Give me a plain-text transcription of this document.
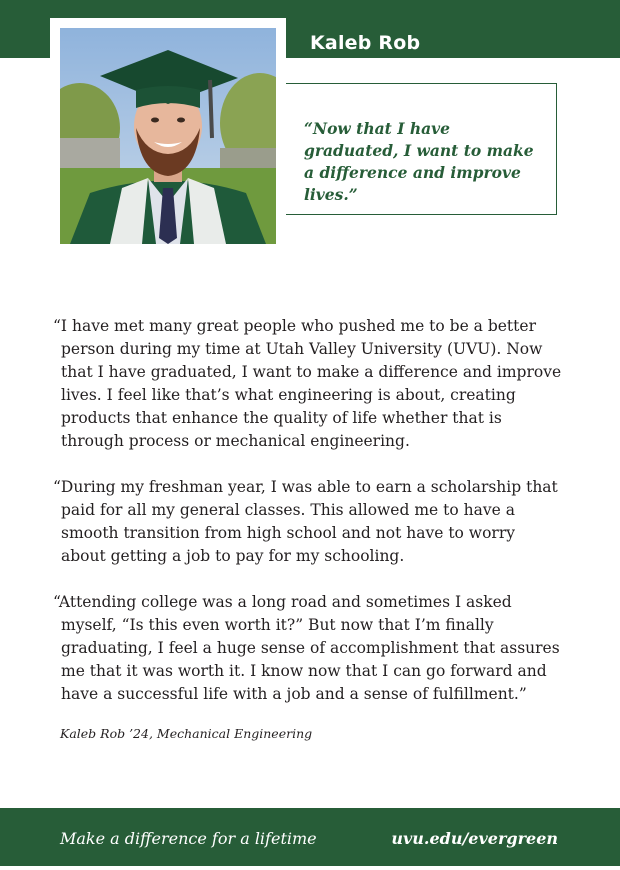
Kaleb Rob

“Now that I have graduated, I want to make a difference and improve lives.”

“I have met many great people who pushed me to be a better person during my time at Utah Valley University (UVU). Now that I have graduated, I want to make a difference and improve lives. I feel like that’s what engineering is about, creating products that enhance the quality of life whether that is through process or mechanical engineering.

“During my freshman year, I was able to earn a scholarship that paid for all my general classes. This allowed me to have a smooth transition from high school and not have to worry about getting a job to pay for my schooling.

“Attending college was a long road and sometimes I asked myself, “Is this even worth it?” But now that I’m finally graduating, I feel a huge sense of accomplishment that assures me that it was worth it. I know now that I can go forward and have a successful life with a job and a sense of fulfillment.”

Kaleb Rob ’24, Mechanical Engineering
Make a difference for a lifetime	uvu.edu/evergreen
